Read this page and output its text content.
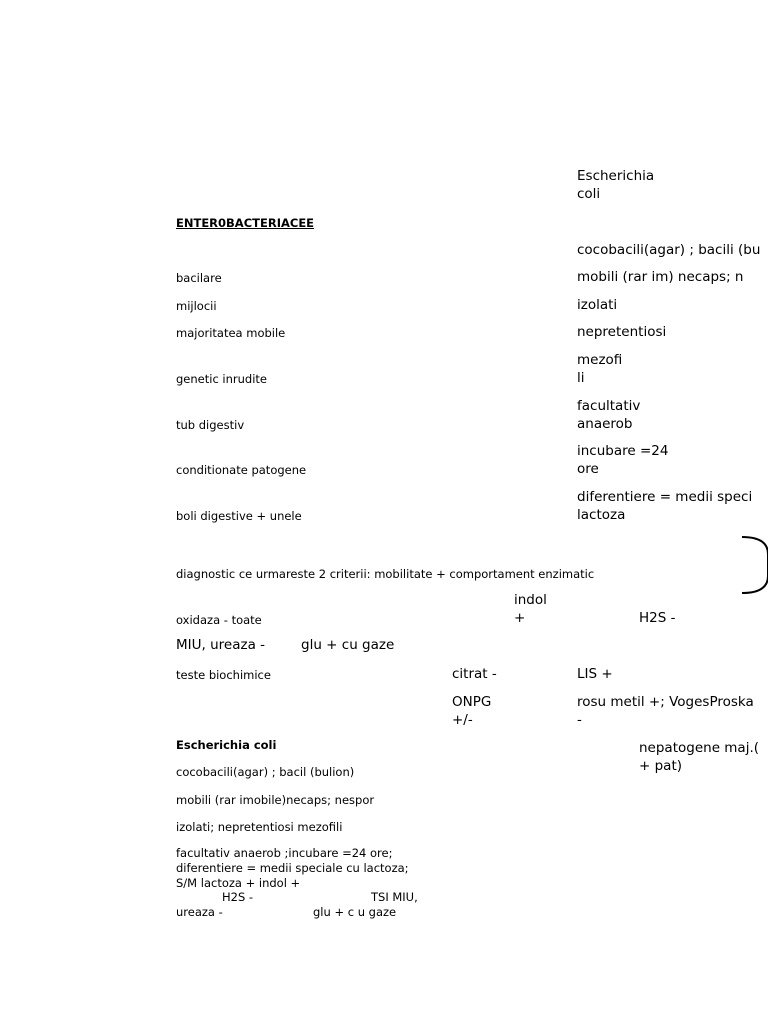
Escherichia
coli
cocobacili(agar) ; bacili (bu
mobili (rar im) necaps; n
izolati
nepretentiosi
mezofi
li
facultativ
anaerob
incubare =24
ore
diferentiere = medii speci
lactoza
ENTER0BACTERIACEE
bacilare
mijlocii
majoritatea mobile
genetic inrudite
tub digestiv
conditionate patogene
boli digestive + unele
diagnostic ce urmareste 2 criterii: mobilitate + comportament enzimatic
indol
+
oxidaza - toate	H2S -
MIU, ureaza -	glu + cu gaze
teste biochimice	citrat -	LIS +
ONPG
+/-
rosu metil +; VogesProska
-
Escherichia coli	nepatogene maj.(
+ pat)
cocobacili(agar) ; bacil (bulion)
mobili (rar imobile)necaps; nespor
izolati; nepretentiosi mezofili
facultativ anaerob ;incubare =24 ore;
diferentiere = medii speciale cu lactoza;
S/M lactoza + indol +
H2S -	TSI MIU,
ureaza -	glu + c u gaze
